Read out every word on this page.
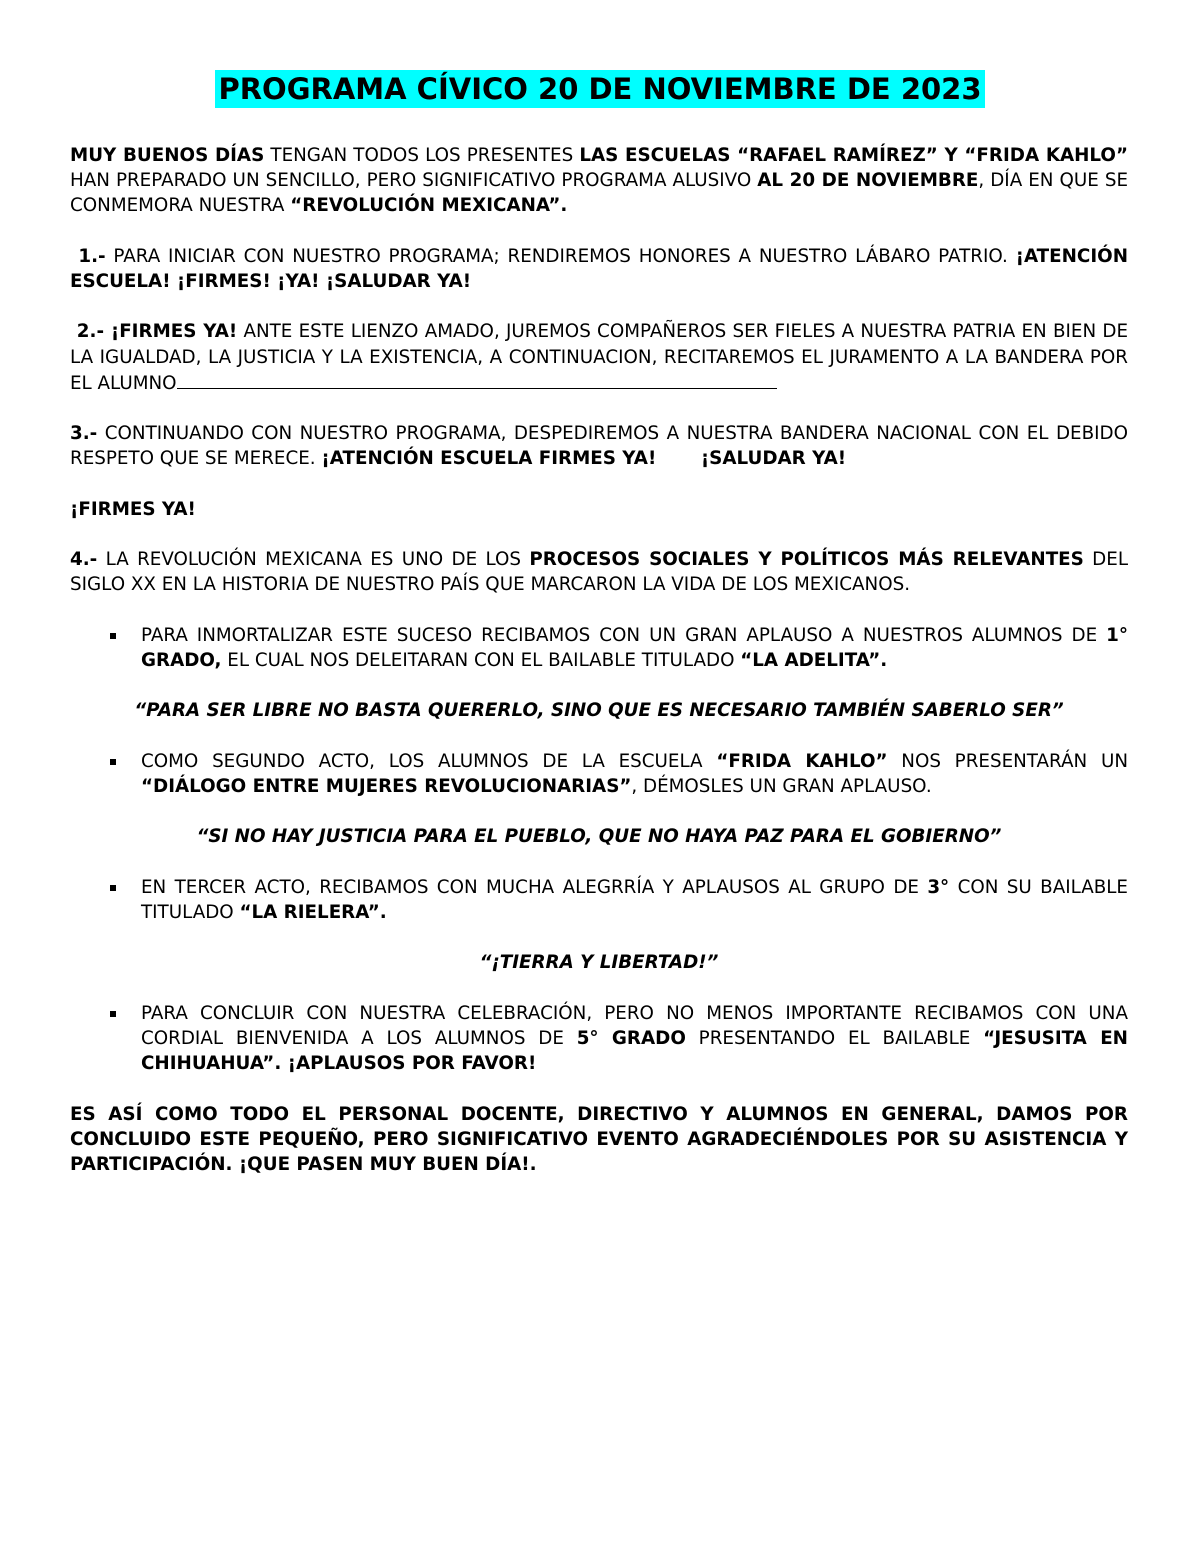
PROGRAMA CÍVICO 20 DE NOVIEMBRE DE 2023

MUY BUENOS DÍAS TENGAN TODOS LOS PRESENTES LAS ESCUELAS “RAFAEL RAMÍREZ” Y “FRIDA KAHLO” HAN PREPARADO UN SENCILLO, PERO SIGNIFICATIVO PROGRAMA ALUSIVO AL 20 DE NOVIEMBRE, DÍA EN QUE SE CONMEMORA NUESTRA “REVOLUCIÓN MEXICANA”.

1.- PARA INICIAR CON NUESTRO PROGRAMA; RENDIREMOS HONORES A NUESTRO LÁBARO PATRIO. ¡ATENCIÓN ESCUELA! ¡FIRMES! ¡YA! ¡SALUDAR YA!

2.- ¡FIRMES YA! ANTE ESTE LIENZO AMADO, JUREMOS COMPAÑEROS SER FIELES A NUESTRA PATRIA EN BIEN DE LA IGUALDAD, LA JUSTICIA Y LA EXISTENCIA, A CONTINUACION, RECITAREMOS EL JURAMENTO A LA BANDERA POR EL ALUMNO

3.- CONTINUANDO CON NUESTRO PROGRAMA, DESPEDIREMOS A NUESTRA BANDERA NACIONAL CON EL DEBIDO RESPETO QUE SE MERECE. ¡ATENCIÓN ESCUELA FIRMES YA!       ¡SALUDAR YA!

¡FIRMES YA!

4.- LA REVOLUCIÓN MEXICANA ES UNO DE LOS PROCESOS SOCIALES Y POLÍTICOS MÁS RELEVANTES DEL SIGLO XX EN LA HISTORIA DE NUESTRO PAÍS QUE MARCARON LA VIDA DE LOS MEXICANOS.

PARA INMORTALIZAR ESTE SUCESO RECIBAMOS CON UN GRAN APLAUSO A NUESTROS ALUMNOS DE 1° GRADO, EL CUAL NOS DELEITARAN CON EL BAILABLE TITULADO “LA ADELITA”.

“PARA SER LIBRE NO BASTA QUERERLO, SINO QUE ES NECESARIO TAMBIÉN SABERLO SER”

COMO SEGUNDO ACTO, LOS ALUMNOS DE LA ESCUELA “FRIDA KAHLO” NOS PRESENTARÁN UN “DIÁLOGO ENTRE MUJERES REVOLUCIONARIAS”, DÉMOSLES UN GRAN APLAUSO.

“SI NO HAY JUSTICIA PARA EL PUEBLO, QUE NO HAYA PAZ PARA EL GOBIERNO”

EN TERCER ACTO, RECIBAMOS CON MUCHA ALEGRRÍA Y APLAUSOS AL GRUPO DE 3° CON SU BAILABLE TITULADO “LA RIELERA”.

“¡TIERRA Y LIBERTAD!”

PARA CONCLUIR CON NUESTRA CELEBRACIÓN, PERO NO MENOS IMPORTANTE RECIBAMOS CON UNA CORDIAL BIENVENIDA A LOS ALUMNOS DE 5° GRADO PRESENTANDO EL BAILABLE “JESUSITA EN CHIHUAHUA”. ¡APLAUSOS POR FAVOR!

ES ASÍ COMO TODO EL PERSONAL DOCENTE, DIRECTIVO Y ALUMNOS EN GENERAL, DAMOS POR CONCLUIDO ESTE PEQUEÑO, PERO SIGNIFICATIVO EVENTO AGRADECIÉNDOLES POR SU ASISTENCIA Y PARTICIPACIÓN. ¡QUE PASEN MUY BUEN DÍA!.
